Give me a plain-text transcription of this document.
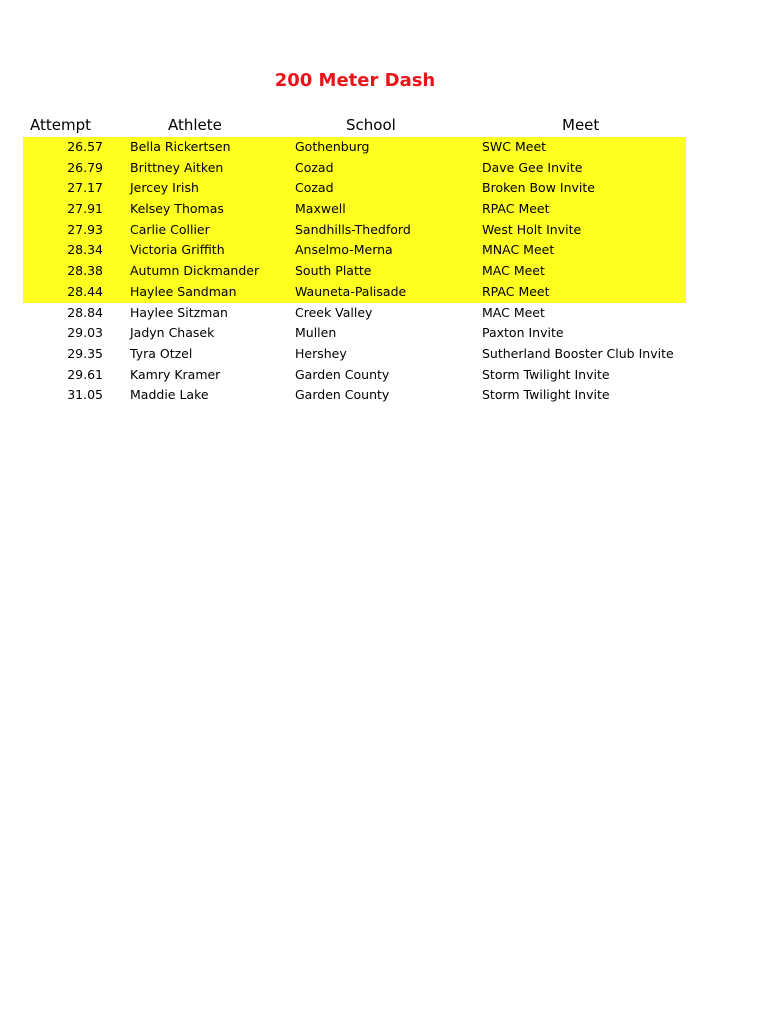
200 Meter Dash
Attempt	Athlete	School	Meet
26.57 Bella Rickertsen	Gothenburg	SWC Meet
26.79 Brittney Aitken	Cozad	Dave Gee Invite
27.17 Jercey Irish	Cozad	Broken Bow Invite
27.91 Kelsey Thomas	Maxwell	RPAC Meet
27.93 Carlie Collier	Sandhills-Thedford	West Holt Invite
28.34 Victoria Griffith	Anselmo-Merna	MNAC Meet
28.38 Autumn Dickmander	South Platte	MAC Meet
28.44 Haylee Sandman	Wauneta-Palisade	RPAC Meet
28.84 Haylee Sitzman	Creek Valley	MAC Meet
29.03 Jadyn Chasek	Mullen	Paxton Invite
29.35 Tyra Otzel	Hershey	Sutherland Booster Club Invite
29.61 Kamry Kramer	Garden County	Storm Twilight Invite
31.05 Maddie Lake	Garden County	Storm Twilight Invite
